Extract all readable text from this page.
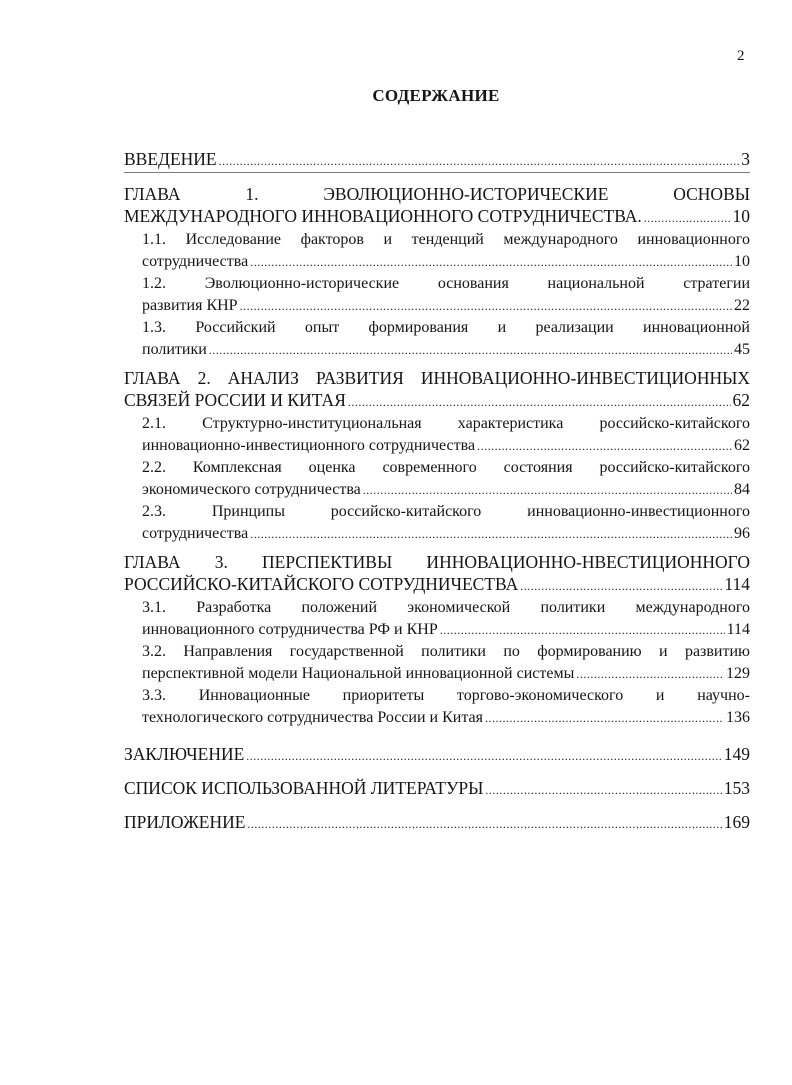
2
СОДЕРЖАНИЕ
ВВЕДЕНИЕ .....	3
ГЛАВА 1. ЭВОЛЮЦИОННО-ИСТОРИЧЕСКИЕ ОСНОВЫ
МЕЖДУНАРОДНОГО ИННОВАЦИОННОГО СОТРУДНИЧЕСТВА. .....	10
1.1. Исследование факторов и тенденций международного инновационного
сотрудничества .....	10
1.2. Эволюционно-исторические основания национальной стратегии
развития КНР .....	22
1.3. Российский опыт формирования и реализации инновационной
политики .....	45
ГЛАВА 2. АНАЛИЗ РАЗВИТИЯ ИННОВАЦИОННО-ИНВЕСТИЦИОННЫХ
СВЯЗЕЙ РОССИИ И КИТАЯ .....	62
2.1. Структурно-институциональная характеристика российско-китайского
инновационно-инвестиционного сотрудничества .....	62
2.2. Комплексная оценка современного состояния российско-китайского
экономического сотрудничества .....	84
2.3. Принципы российско-китайского инновационно-инвестиционного
сотрудничества .....	96
ГЛАВА 3. ПЕРСПЕКТИВЫ ИННОВАЦИОННО-НВЕСТИЦИОННОГО
РОССИЙСКО-КИТАЙСКОГО СОТРУДНИЧЕСТВА .....	114
3.1. Разработка положений экономической политики международного
инновационного сотрудничества РФ и КНР .....	114
3.2. Направления государственной политики по формированию и развитию
перспективной модели Национальной инновационной системы .....	129
3.3. Инновационные приоритеты торгово-экономического и научно-
технологического сотрудничества России и Китая .....	136
ЗАКЛЮЧЕНИЕ .....	149
СПИСОК ИСПОЛЬЗОВАННОЙ ЛИТЕРАТУРЫ .....	153
ПРИЛОЖЕНИЕ .....	169
